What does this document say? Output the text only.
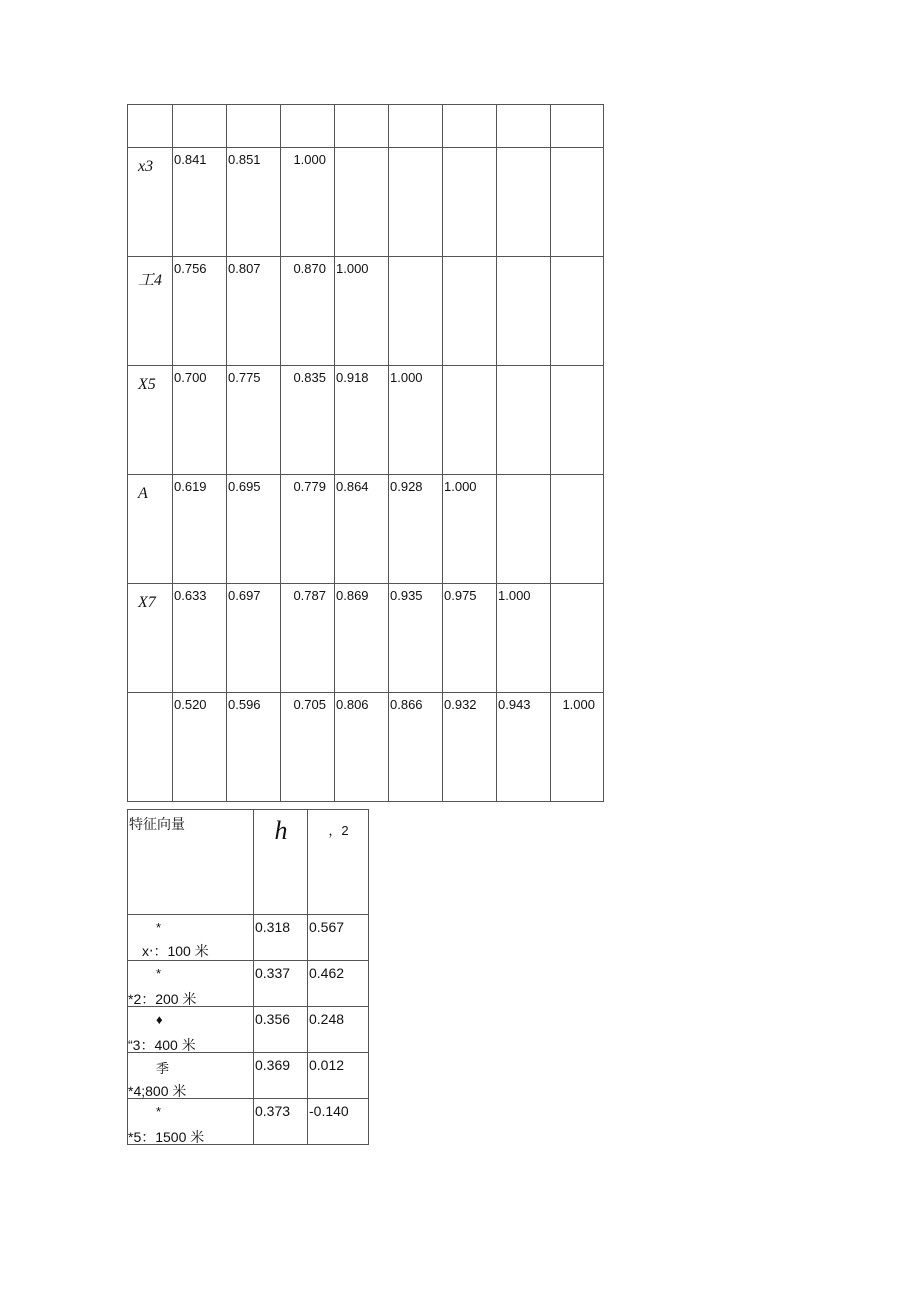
x3	0.841	0.851	1.000					
工4	0.756	0.807	0.870	1.000				
X5	0.700	0.775	0.835	0.918	1.000			
A	0.619	0.695	0.779	0.864	0.928	1.000		
X7	0.633	0.697	0.787	0.869	0.935	0.975	1.000	
	0.520	0.596	0.705	0.806	0.866	0.932	0.943	1.000
特征向量	h	，2

*
x‧：100 米	0.318	0.567

*
*2：200 米	0.337	0.462

♦
“3：400 米	0.356	0.248

季
*4;800 米	0.369	0.012

*
*5：1500 米	0.373	-0.140
